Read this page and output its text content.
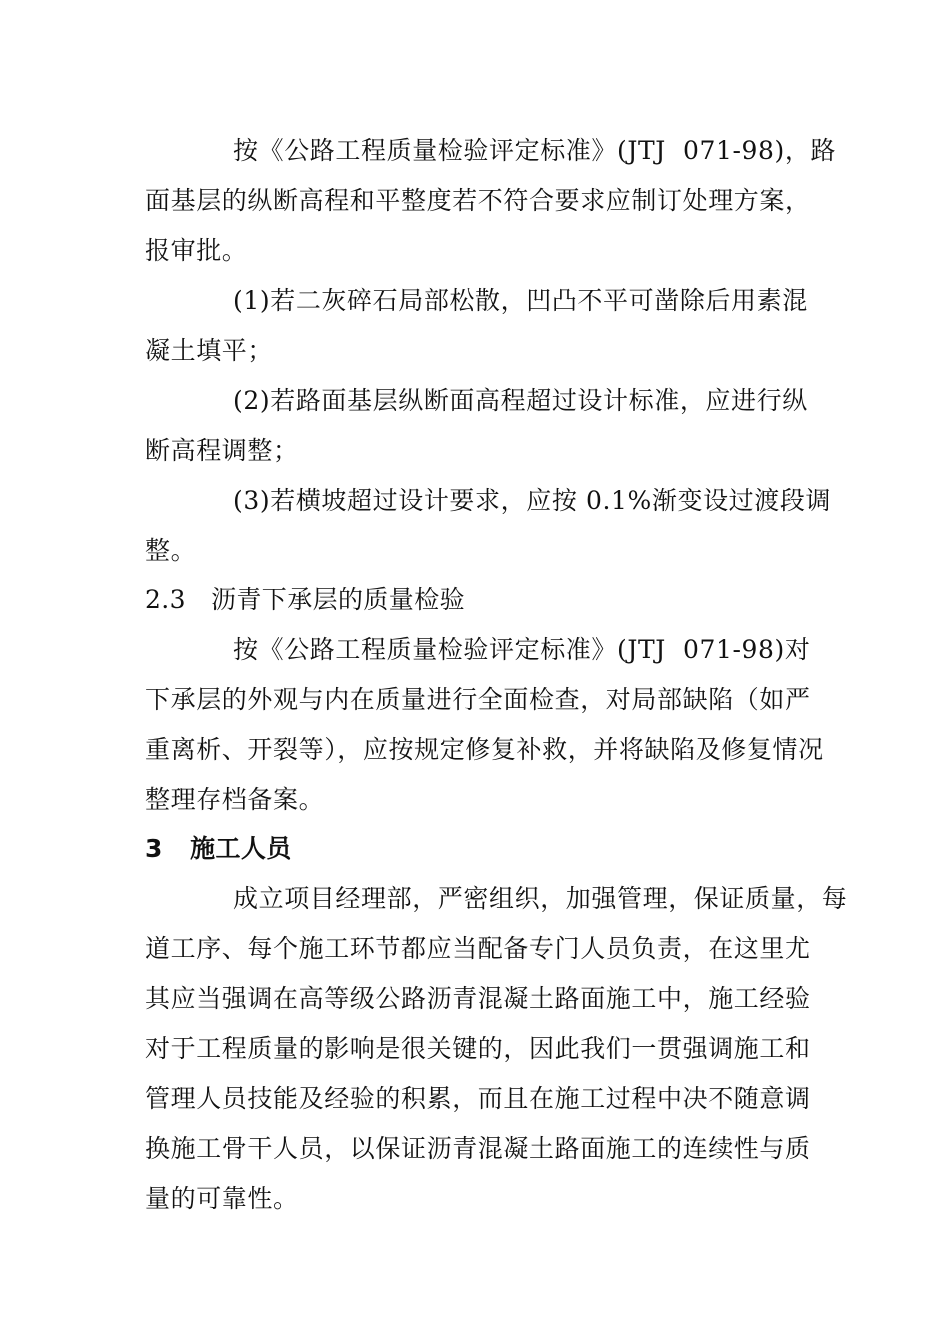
按《公路工程质量检验评定标准》(JTJ  071-98)，路
面基层的纵断高程和平整度若不符合要求应制订处理方案，
报审批。
(1)若二灰碎石局部松散，凹凸不平可凿除后用素混
凝土填平；
(2)若路面基层纵断面高程超过设计标准，应进行纵
断高程调整；
(3)若横坡超过设计要求，应按 0.1%渐变设过渡段调
整。
2.3   沥青下承层的质量检验
按《公路工程质量检验评定标准》(JTJ  071-98)对
下承层的外观与内在质量进行全面检查，对局部缺陷（如严
重离析、开裂等），应按规定修复补救，并将缺陷及修复情况
整理存档备案。
3   施工人员
成立项目经理部，严密组织，加强管理，保证质量，每
道工序、每个施工环节都应当配备专门人员负责，在这里尤
其应当强调在高等级公路沥青混凝土路面施工中，施工经验
对于工程质量的影响是很关键的，因此我们一贯强调施工和
管理人员技能及经验的积累，而且在施工过程中决不随意调
换施工骨干人员，以保证沥青混凝土路面施工的连续性与质
量的可靠性。
